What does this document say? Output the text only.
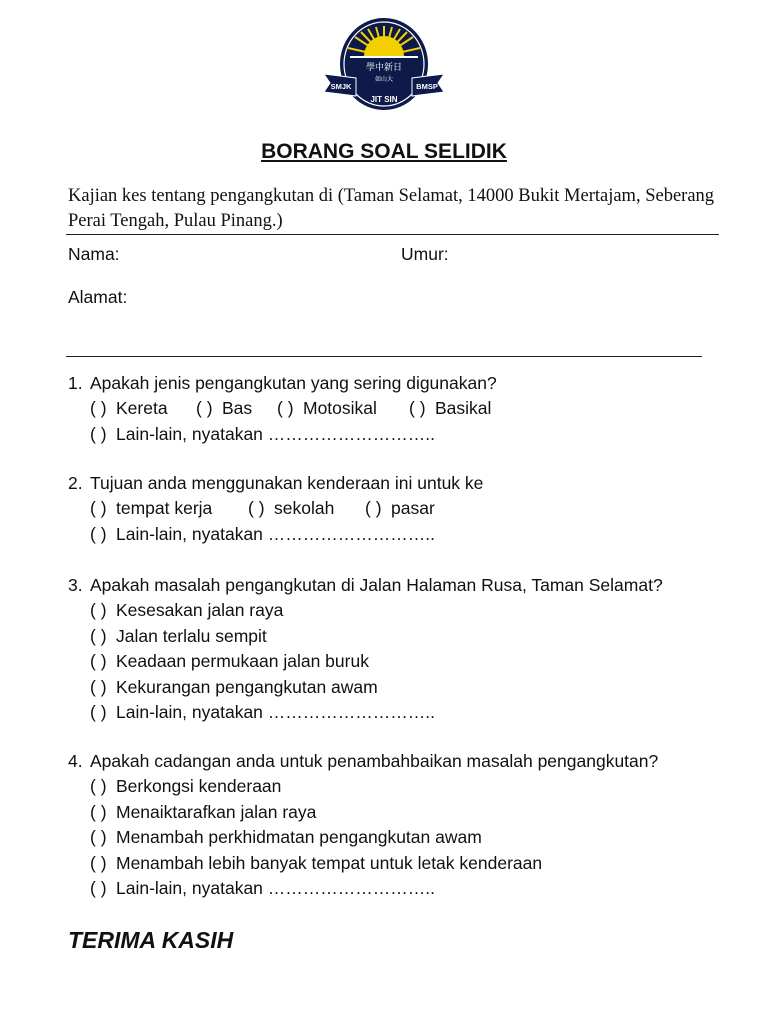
學中新日
如山大
SMJK	BMSP
JIT SIN
BORANG SOAL SELIDIK
Kajian kes tentang pengangkutan di (Taman Selamat, 14000 Bukit Mertajam, Seberang Perai Tengah, Pulau Pinang.)
Nama:	Umur:
Alamat:
1. Apakah jenis pengangkutan yang sering digunakan?
( ) Kereta ( ) Bas ( ) Motosikal ( ) Basikal
( ) Lain-lain, nyatakan ………………………..
2. Tujuan anda menggunakan kenderaan ini untuk ke
( ) tempat kerja ( ) sekolah ( ) pasar
( ) Lain-lain, nyatakan ………………………..
3. Apakah masalah pengangkutan di Jalan Halaman Rusa, Taman Selamat?
( ) Kesesakan jalan raya
( ) Jalan terlalu sempit
( ) Keadaan permukaan jalan buruk
( ) Kekurangan pengangkutan awam
( ) Lain-lain, nyatakan ………………………..
4. Apakah cadangan anda untuk penambahbaikan masalah pengangkutan?
( ) Berkongsi kenderaan
( ) Menaiktarafkan jalan raya
( ) Menambah perkhidmatan pengangkutan awam
( ) Menambah lebih banyak tempat untuk letak kenderaan
( ) Lain-lain, nyatakan ………………………..
TERIMA KASIH
